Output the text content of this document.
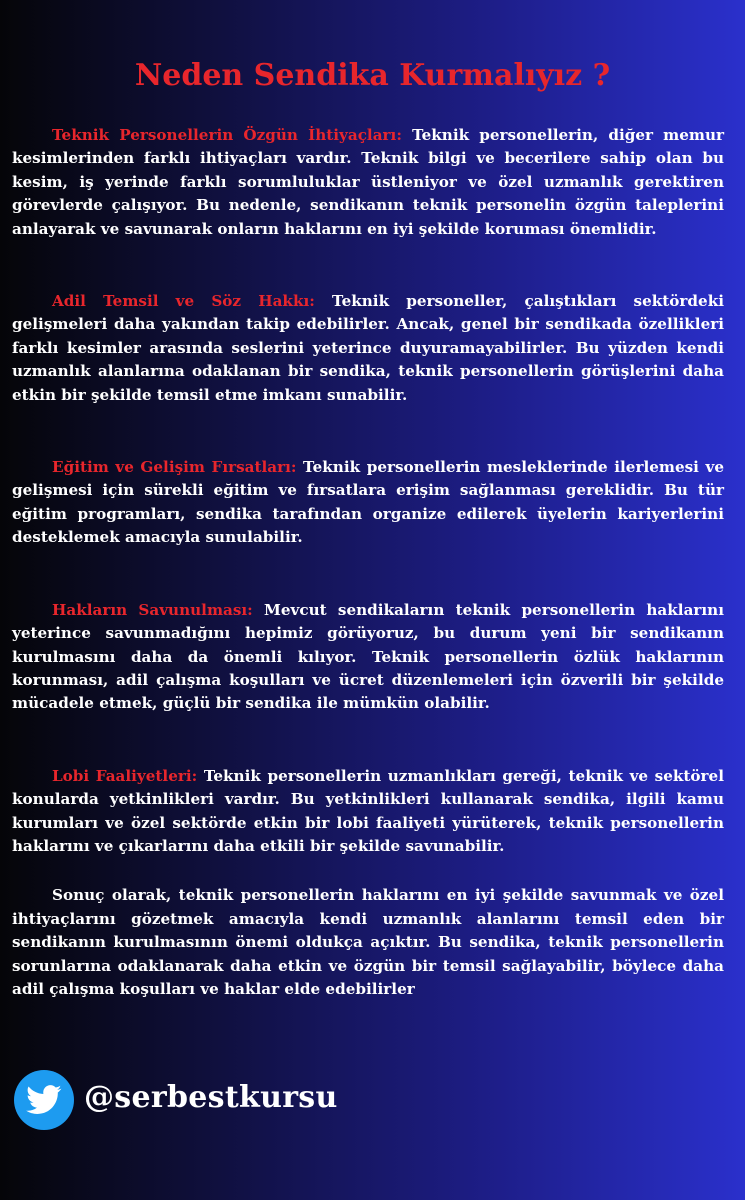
Neden Sendika Kurmalıyız ?

Teknik Personellerin Özgün İhtiyaçları: Teknik personellerin, diğer memur kesimlerinden farklı ihtiyaçları vardır. Teknik bilgi ve becerilere sahip olan bu kesim, iş yerinde farklı sorumluluklar üstleniyor ve özel uzmanlık gerektiren görevlerde çalışıyor. Bu nedenle, sendikanın teknik personelin özgün taleplerini anlayarak ve savunarak onların haklarını en iyi şekilde koruması önemlidir.

Adil Temsil ve Söz Hakkı: Teknik personeller, çalıştıkları sektördeki gelişmeleri daha yakından takip edebilirler. Ancak, genel bir sendikada özellikleri farklı kesimler arasında seslerini yeterince duyuramayabilirler. Bu yüzden kendi uzmanlık alanlarına odaklanan bir sendika, teknik personellerin görüşlerini daha etkin bir şekilde temsil etme imkanı sunabilir.

Eğitim ve Gelişim Fırsatları: Teknik personellerin mesleklerinde ilerlemesi ve gelişmesi için sürekli eğitim ve fırsatlara erişim sağlanması gereklidir. Bu tür eğitim programları, sendika tarafından organize edilerek üyelerin kariyerlerini desteklemek amacıyla sunulabilir.

Hakların Savunulması: Mevcut sendikaların teknik personellerin haklarını yeterince savunmadığını hepimiz görüyoruz, bu durum yeni bir sendikanın kurulmasını daha da önemli kılıyor. Teknik personellerin özlük haklarının korunması, adil çalışma koşulları ve ücret düzenlemeleri için özverili bir şekilde mücadele etmek, güçlü bir sendika ile mümkün olabilir.

Lobi Faaliyetleri: Teknik personellerin uzmanlıkları gereği, teknik ve sektörel konularda yetkinlikleri vardır. Bu yetkinlikleri kullanarak sendika, ilgili kamu kurumları ve özel sektörde etkin bir lobi faaliyeti yürüterek, teknik personellerin haklarını ve çıkarlarını daha etkili bir şekilde savunabilir.

Sonuç olarak, teknik personellerin haklarını en iyi şekilde savunmak ve özel ihtiyaçlarını gözetmek amacıyla kendi uzmanlık alanlarını temsil eden bir sendikanın kurulmasının önemi oldukça açıktır. Bu sendika, teknik personellerin sorunlarına odaklanarak daha etkin ve özgün bir temsil sağlayabilir, böylece daha adil çalışma koşulları ve haklar elde edebilirler

@serbestkursu
